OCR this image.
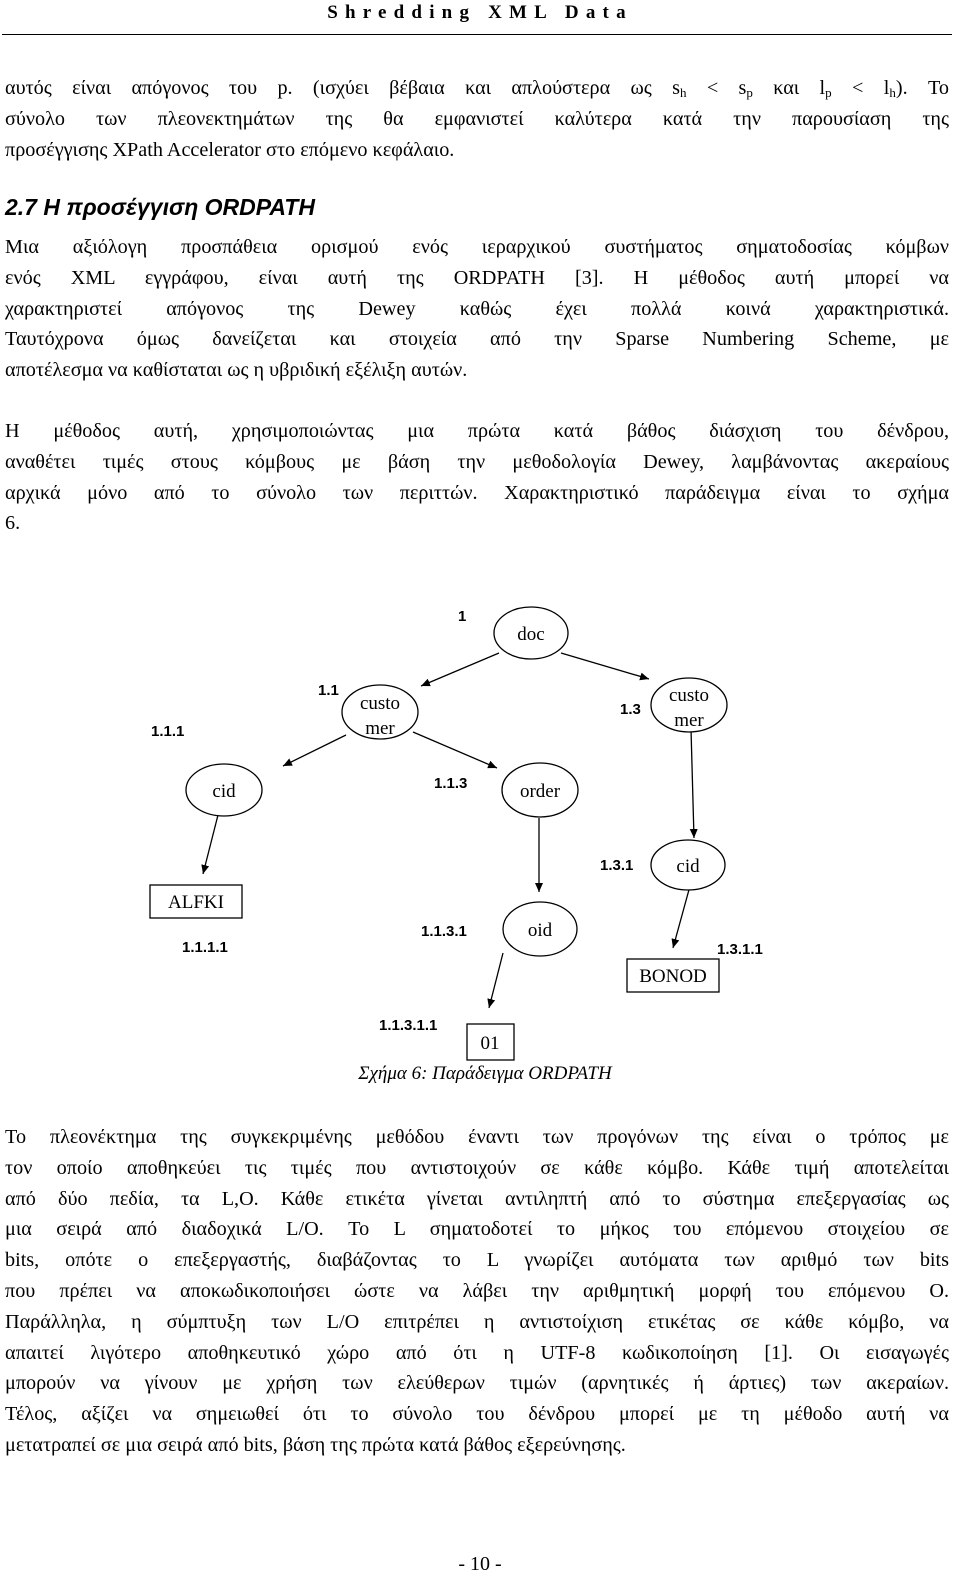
Shredding XML Data
αυτός είναι απόγονος του p. (ισχύει βέβαια και απλούστερα ως $s_h < s_p$ και $l_p < l_h$). Το
σύνολο των πλεονεκτημάτων της θα εμφανιστεί καλύτερα κατά την παρουσίαση της
προσέγγισης XPath Accelerator στο επόμενο κεφάλαιο.
2.7 Η προσέγγιση ORDPATH
Μια αξιόλογη προσπάθεια ορισμού ενός ιεραρχικού συστήματος σηματοδοσίας κόμβων
ενός XML εγγράφου, είναι αυτή της ORDPATH [3]. Η μέθοδος αυτή μπορεί να
χαρακτηριστεί απόγονος της Dewey καθώς έχει πολλά κοινά χαρακτηριστικά.
Ταυτόχρονα όμως δανείζεται και στοιχεία από την Sparse Numbering Scheme, με
αποτέλεσμα να καθίσταται ως η υβριδική εξέλιξη αυτών.
Η μέθοδος αυτή, χρησιμοποιώντας μια πρώτα κατά βάθος διάσχιση του δένδρου,
αναθέτει τιμές στους κόμβους με βάση την μεθοδολογία Dewey, λαμβάνοντας ακεραίους
αρχικά μόνο από το σύνολο των περιττών. Χαρακτηριστικό παράδειγμα είναι το σχήμα
6.
doc
custo
mer
custo
mer
cid	order
cid
oid
ALFKI
BONOD
01
1
1.1
1.3
1.1.1
1.1.3
1.3.1
1.1.1.1
1.1.3.1
1.3.1.1
1.1.3.1.1
Σχήμα 6: Παράδειγμα ORDPATH
Το πλεονέκτημα της συγκεκριμένης μεθόδου έναντι των προγόνων της είναι ο τρόπος με
τον οποίο αποθηκεύει τις τιμές που αντιστοιχούν σε κάθε κόμβο. Κάθε τιμή αποτελείται
από δύο πεδία, τα L,O. Κάθε ετικέτα γίνεται αντιληπτή από το σύστημα επεξεργασίας ως
μια σειρά από διαδοχικά L/O. Το L σηματοδοτεί το μήκος του επόμενου στοιχείου σε
bits, οπότε ο επεξεργαστής, διαβάζοντας το L γνωρίζει αυτόματα των αριθμό των bits
που πρέπει να αποκωδικοποιήσει ώστε να λάβει την αριθμητική μορφή του επόμενου Ο.
Παράλληλα, η σύμπτυξη των L/O επιτρέπει η αντιστοίχιση ετικέτας σε κάθε κόμβο, να
απαιτεί λιγότερο αποθηκευτικό χώρο από ότι η UTF-8 κωδικοποίηση [1]. Οι εισαγωγές
μπορούν να γίνουν με χρήση των ελεύθερων τιμών (αρνητικές ή άρτιες) των ακεραίων.
Τέλος, αξίζει να σημειωθεί ότι το σύνολο του δένδρου μπορεί με τη μέθοδο αυτή να
μετατραπεί σε μια σειρά από bits, βάση της πρώτα κατά βάθος εξερεύνησης.
- 10 -
